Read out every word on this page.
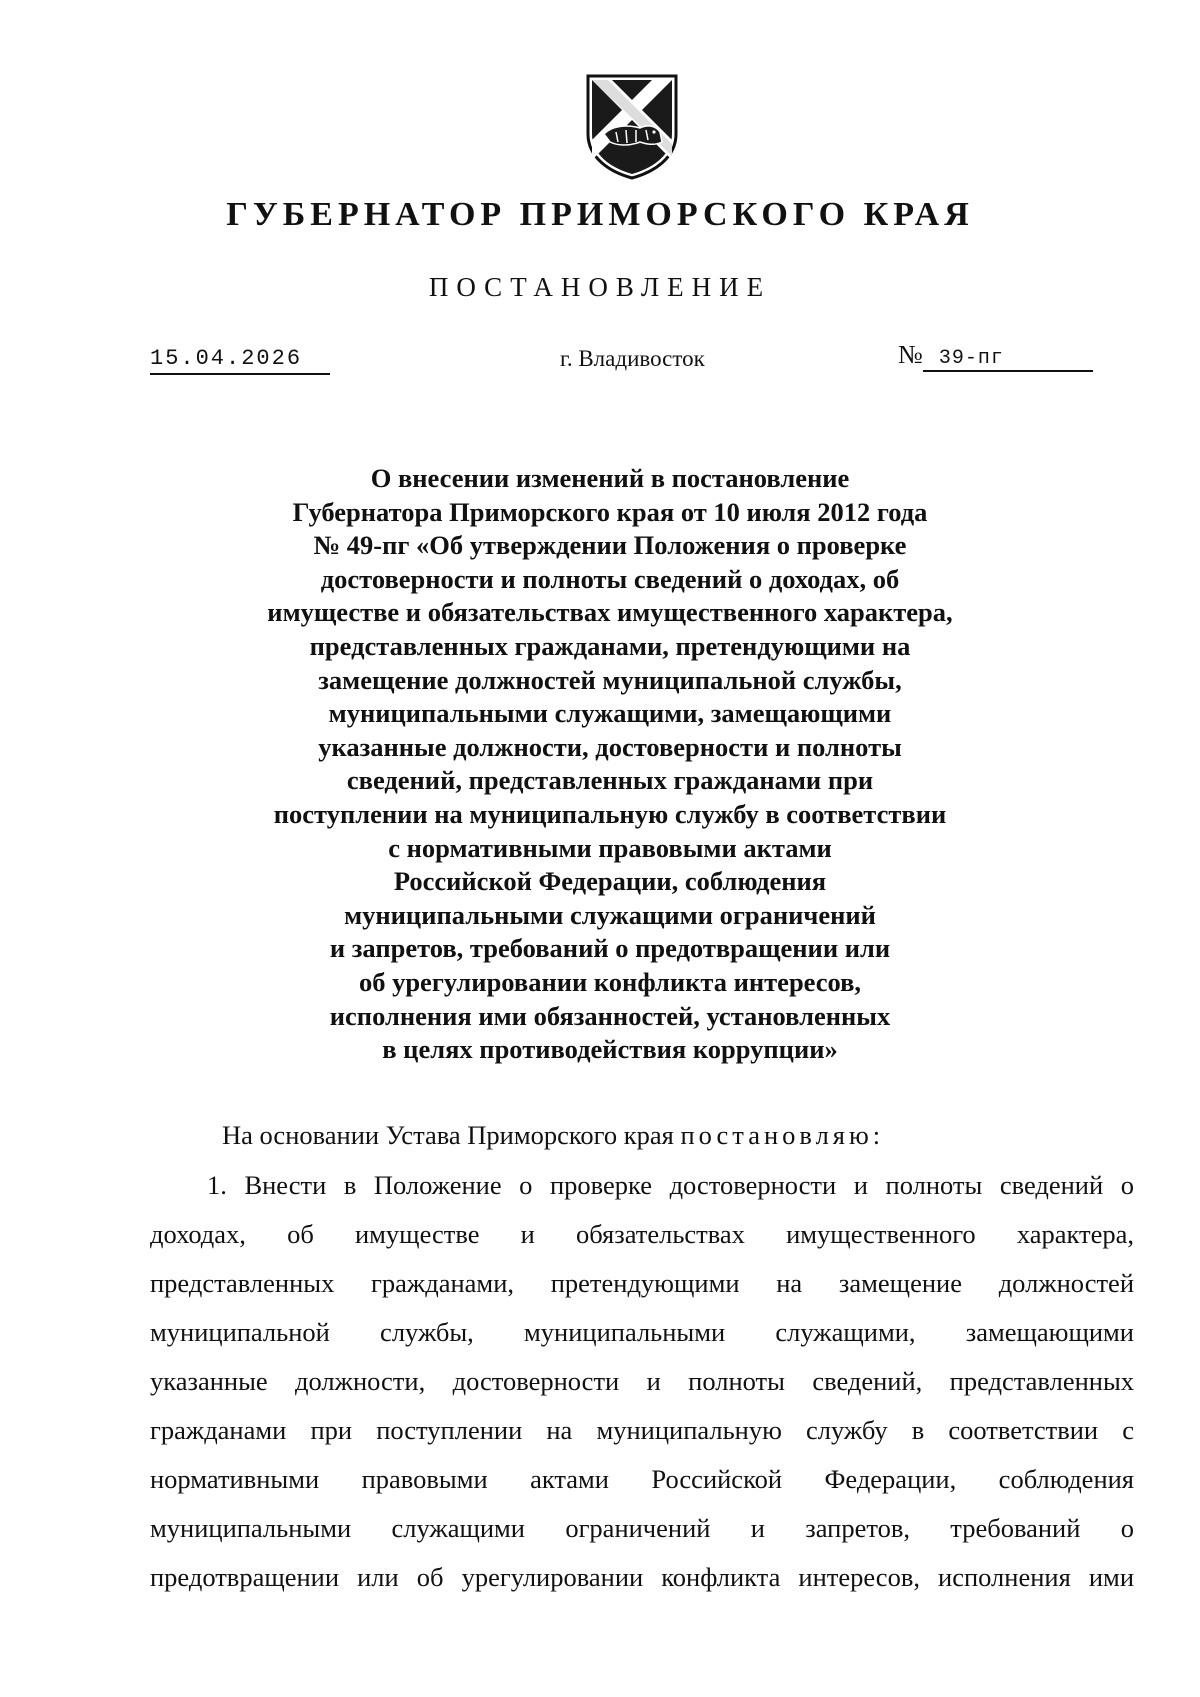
ГУБЕРНАТОР ПРИМОРСКОГО КРАЯ
ПОСТАНОВЛЕНИЕ
15.04.2026	г. Владивосток	№ 39-пг
О внесении изменений в постановление
Губернатора Приморского края от 10 июля 2012 года
№ 49-пг «Об утверждении Положения о проверке
достоверности и полноты сведений о доходах, об
имуществе и обязательствах имущественного характера,
представленных гражданами, претендующими на
замещение должностей муниципальной службы,
муниципальными служащими, замещающими
указанные должности, достоверности и полноты
сведений, представленных гражданами при
поступлении на муниципальную службу в соответствии
с нормативными правовыми актами
Российской Федерации, соблюдения
муниципальными служащими ограничений
и запретов, требований о предотвращении или
об урегулировании конфликта интересов,
исполнения ими обязанностей, установленных
в целях противодействия коррупции»
На основании Устава Приморского края постановляю:
1. Внести в Положение о проверке достоверности и полноты сведений о
доходах, об имуществе и обязательствах имущественного характера,
представленных гражданами, претендующими на замещение должностей
муниципальной службы, муниципальными служащими, замещающими
указанные должности, достоверности и полноты сведений, представленных
гражданами при поступлении на муниципальную службу в соответствии с
нормативными правовыми актами Российской Федерации, соблюдения
муниципальными служащими ограничений и запретов, требований о
предотвращении или об урегулировании конфликта интересов, исполнения ими
